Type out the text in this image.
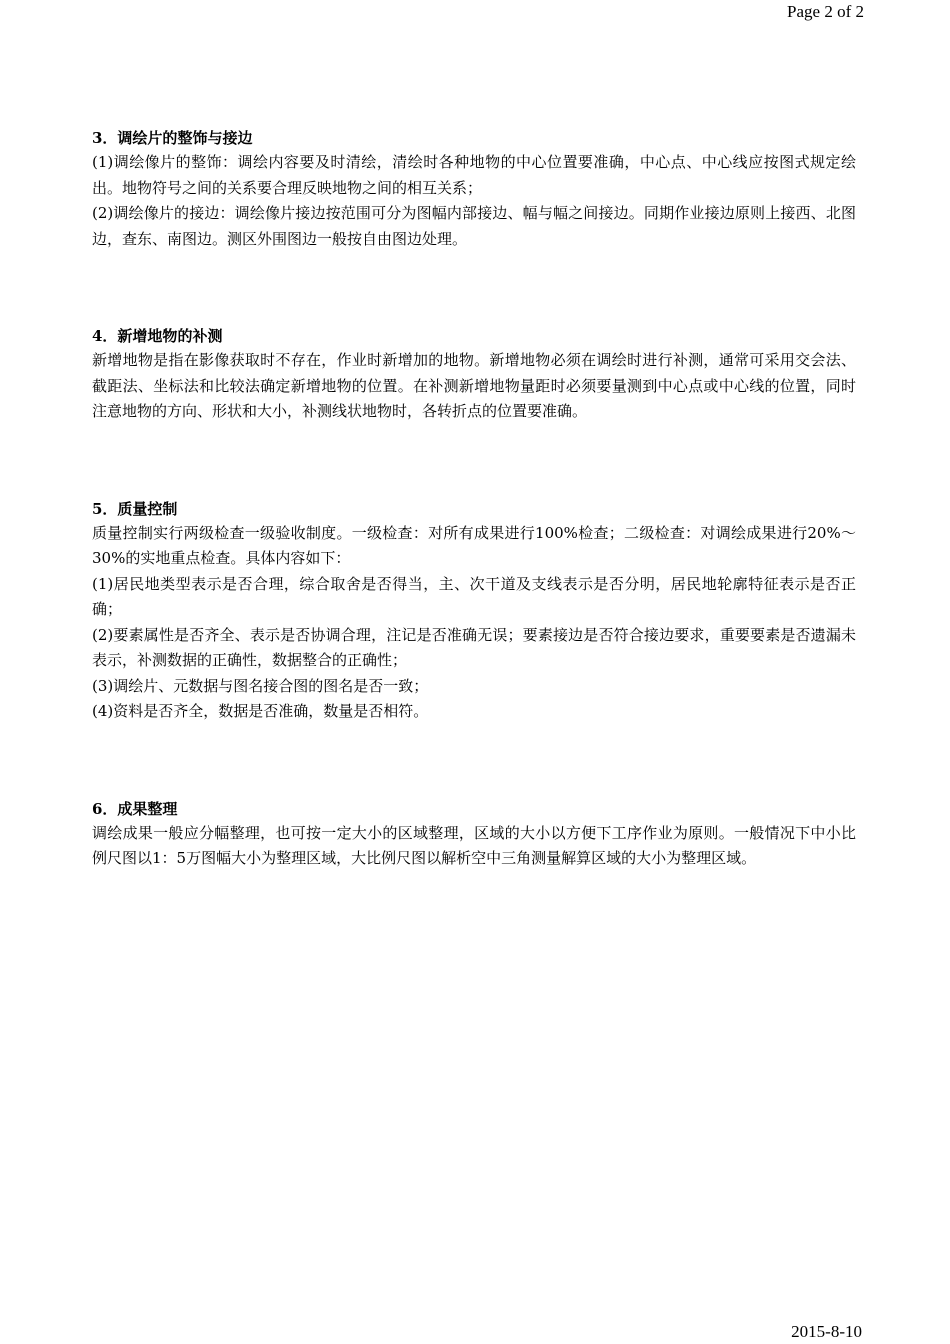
Page 2 of 2

3．调绘片的整饰与接边

(1)调绘像片的整饰：调绘内容要及时清绘，清绘时各种地物的中心位置要准确，中心点、中心线应按图式规定绘出。地物符号之间的关系要合理反映地物之间的相互关系；

(2)调绘像片的接边：调绘像片接边按范围可分为图幅内部接边、幅与幅之间接边。同期作业接边原则上接西、北图边，查东、南图边。测区外围图边一般按自由图边处理。

4．新增地物的补测

新增地物是指在影像获取时不存在，作业时新增加的地物。新增地物必须在调绘时进行补测，通常可采用交会法、截距法、坐标法和比较法确定新增地物的位置。在补测新增地物量距时必须要量测到中心点或中心线的位置，同时注意地物的方向、形状和大小，补测线状地物时，各转折点的位置要准确。

5．质量控制

质量控制实行两级检查一级验收制度。一级检查：对所有成果进行100%检查；二级检查：对调绘成果进行20%～30%的实地重点检查。具体内容如下：

(1)居民地类型表示是否合理，综合取舍是否得当，主、次干道及支线表示是否分明，居民地轮廓特征表示是否正确；

(2)要素属性是否齐全、表示是否协调合理，注记是否准确无误；要素接边是否符合接边要求，重要要素是否遗漏未表示，补测数据的正确性，数据整合的正确性；

(3)调绘片、元数据与图名接合图的图名是否一致；

(4)资料是否齐全，数据是否准确，数量是否相符。

6．成果整理

调绘成果一般应分幅整理，也可按一定大小的区域整理，区域的大小以方便下工序作业为原则。一般情况下中小比例尺图以1：5万图幅大小为整理区域，大比例尺图以解析空中三角测量解算区域的大小为整理区域。

2015-8-10
